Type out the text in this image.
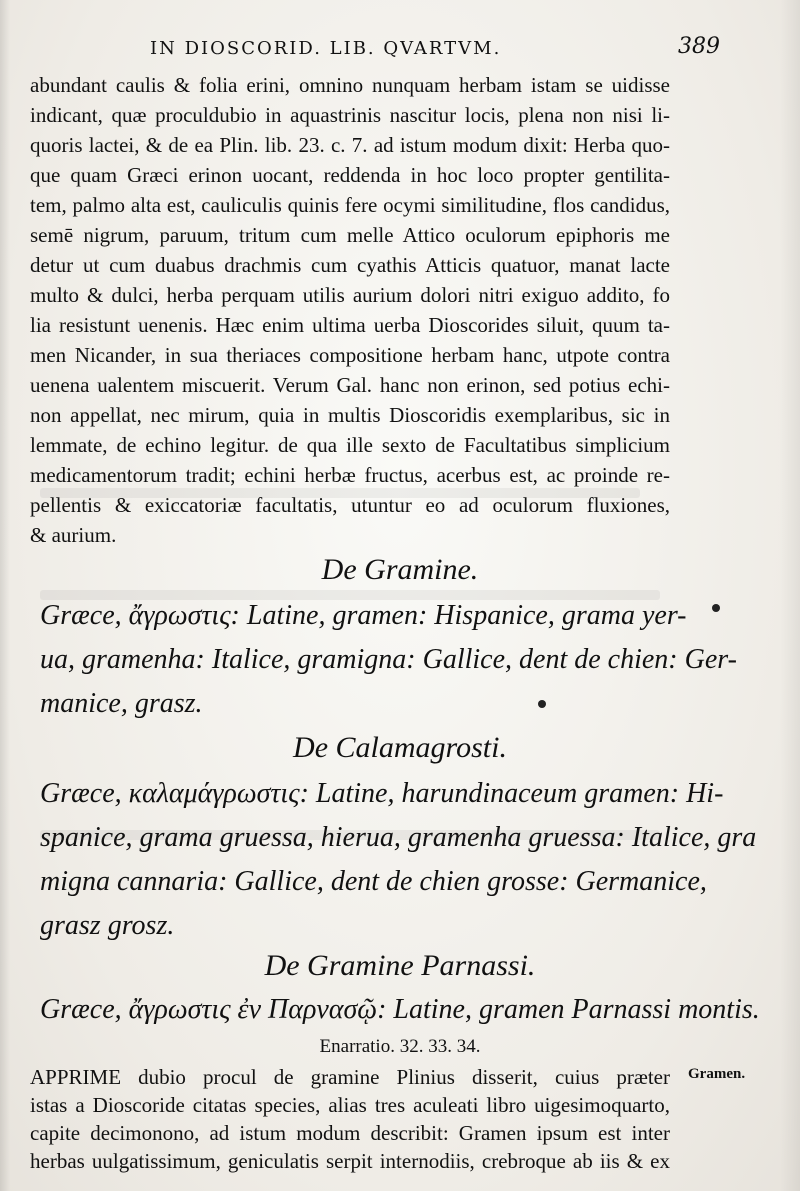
IN DIOSCORID. LIB. QVARTVM.	389
abundant caulis & folia erini, omnino nunquam herbam istam se uidisse
indicant, quæ proculdubio in aquastrinis nascitur locis, plena non nisi li-
quoris lactei, & de ea Plin. lib. 23. c. 7. ad istum modum dixit: Herba quo-
que quam Græci erinon uocant, reddenda in hoc loco propter gentilita-
tem, palmo alta est, cauliculis quinis fere ocymi similitudine, flos candidus,
semē nigrum, paruum, tritum cum melle Attico oculorum epiphoris me
detur ut cum duabus drachmis cum cyathis Atticis quatuor, manat lacte
multo & dulci, herba perquam utilis aurium dolori nitri exiguo addito, fo
lia resistunt uenenis. Hæc enim ultima uerba Dioscorides siluit, quum ta-
men Nicander, in sua theriaces compositione herbam hanc, utpote contra
uenena ualentem miscuerit. Verum Gal. hanc non erinon, sed potius echi-
non appellat, nec mirum, quia in multis Dioscoridis exemplaribus, sic in
lemmate, de echino legitur. de qua ille sexto de Facultatibus simplicium
medicamentorum tradit; echini herbæ fructus, acerbus est, ac proinde re-
pellentis & exiccatoriæ facultatis, utuntur eo ad oculorum fluxiones,
& aurium.
De Gramine.
Græce, ἄγρωστις: Latine, gramen: Hispanice, grama yer-
ua, gramenha: Italice, gramigna: Gallice, dent de chien: Ger-
manice, grasz.
De Calamagrosti.
Græce, καλαμάγρωστις: Latine, harundinaceum gramen: Hi-
spanice, grama gruessa, hierua, gramenha gruessa: Italice, gra
migna cannaria: Gallice, dent de chien grosse: Germanice,
grasz grosz.
De Gramine Parnassi.
Græce, ἄγρωστις ἐν Παρνασῷ: Latine, gramen Parnassi montis.
Enarratio. 32. 33. 34.
Gramen.
APPRIME dubio procul de gramine Plinius disserit, cuius præter
istas a Dioscoride citatas species, alias tres aculeati libro uigesimoquarto,
capite decimonono, ad istum modum describit: Gramen ipsum est inter
herbas uulgatissimum, geniculatis serpit internodiis, crebroque ab iis & ex
